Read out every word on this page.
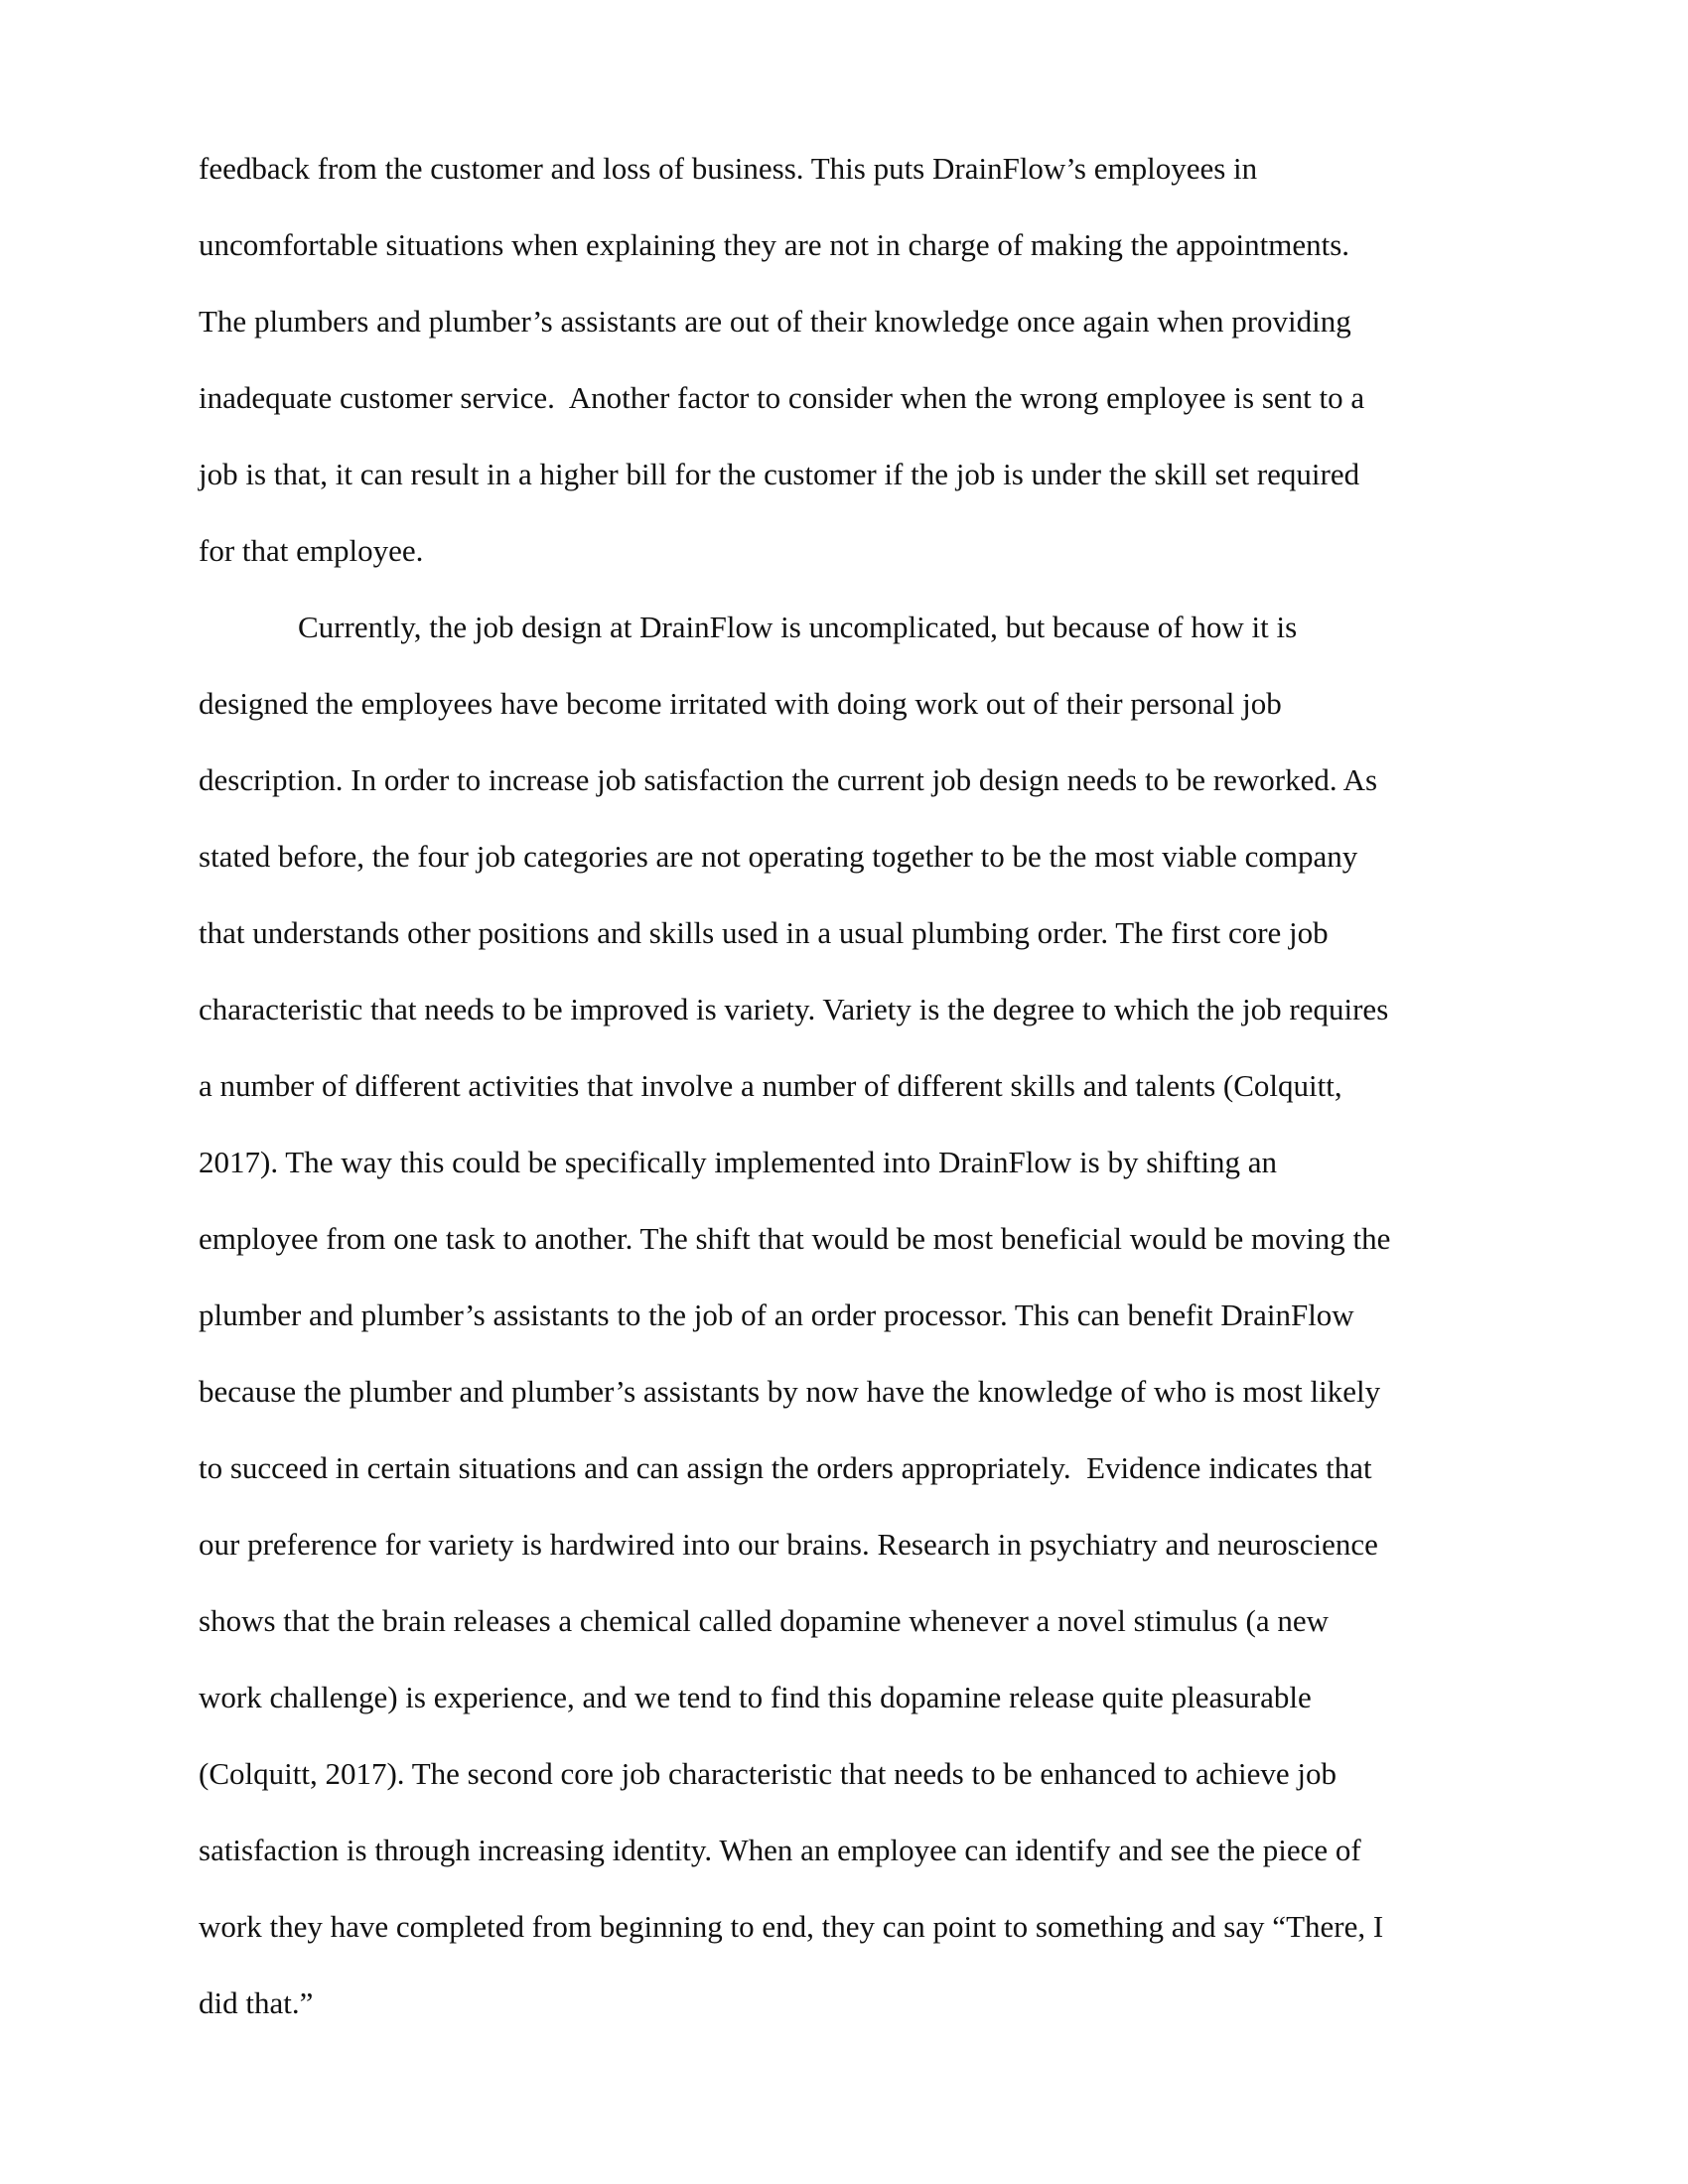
feedback from the customer and loss of business. This puts DrainFlow’s employees in
uncomfortable situations when explaining they are not in charge of making the appointments.
The plumbers and plumber’s assistants are out of their knowledge once again when providing
inadequate customer service.  Another factor to consider when the wrong employee is sent to a
job is that, it can result in a higher bill for the customer if the job is under the skill set required
for that employee.
Currently, the job design at DrainFlow is uncomplicated, but because of how it is
designed the employees have become irritated with doing work out of their personal job
description. In order to increase job satisfaction the current job design needs to be reworked. As
stated before, the four job categories are not operating together to be the most viable company
that understands other positions and skills used in a usual plumbing order. The first core job
characteristic that needs to be improved is variety. Variety is the degree to which the job requires
a number of different activities that involve a number of different skills and talents (Colquitt,
2017). The way this could be specifically implemented into DrainFlow is by shifting an
employee from one task to another. The shift that would be most beneficial would be moving the
plumber and plumber’s assistants to the job of an order processor. This can benefit DrainFlow
because the plumber and plumber’s assistants by now have the knowledge of who is most likely
to succeed in certain situations and can assign the orders appropriately.  Evidence indicates that
our preference for variety is hardwired into our brains. Research in psychiatry and neuroscience
shows that the brain releases a chemical called dopamine whenever a novel stimulus (a new
work challenge) is experience, and we tend to find this dopamine release quite pleasurable
(Colquitt, 2017). The second core job characteristic that needs to be enhanced to achieve job
satisfaction is through increasing identity. When an employee can identify and see the piece of
work they have completed from beginning to end, they can point to something and say “There, I
did that.”
